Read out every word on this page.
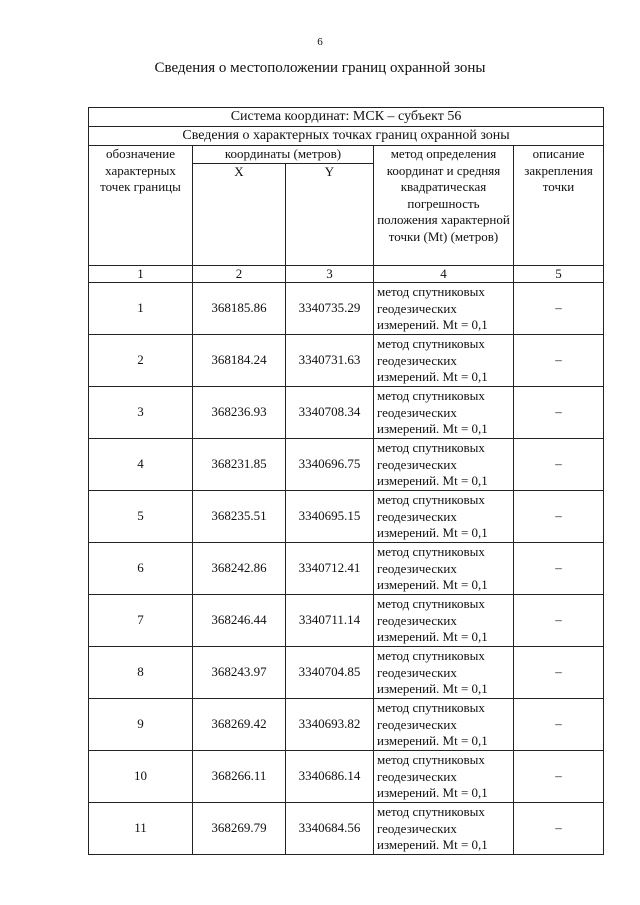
6
Сведения о местоположении границ охранной зоны
Система координат: МСК – субъект 56				
Сведения о характерных точках границ охранной зоны				
обозначение характерных точек границы	координаты (метров)		метод определения координат и средняя квадратическая погрешность положения характерной точки (Mt) (метров)	описание закрепления точки
	X	Y		
1	2	3	4	5
1	368185.86	3340735.29	метод спутниковых геодезических измерений. Mt = 0,1	–
2	368184.24	3340731.63	метод спутниковых геодезических измерений. Mt = 0,1	–
3	368236.93	3340708.34	метод спутниковых геодезических измерений. Mt = 0,1	–
4	368231.85	3340696.75	метод спутниковых геодезических измерений. Mt = 0,1	–
5	368235.51	3340695.15	метод спутниковых геодезических измерений. Mt = 0,1	–
6	368242.86	3340712.41	метод спутниковых геодезических измерений. Mt = 0,1	–
7	368246.44	3340711.14	метод спутниковых геодезических измерений. Mt = 0,1	–
8	368243.97	3340704.85	метод спутниковых геодезических измерений. Mt = 0,1	–
9	368269.42	3340693.82	метод спутниковых геодезических измерений. Mt = 0,1	–
10	368266.11	3340686.14	метод спутниковых геодезических измерений. Mt = 0,1	–
11	368269.79	3340684.56	метод спутниковых геодезических измерений. Mt = 0,1	–
